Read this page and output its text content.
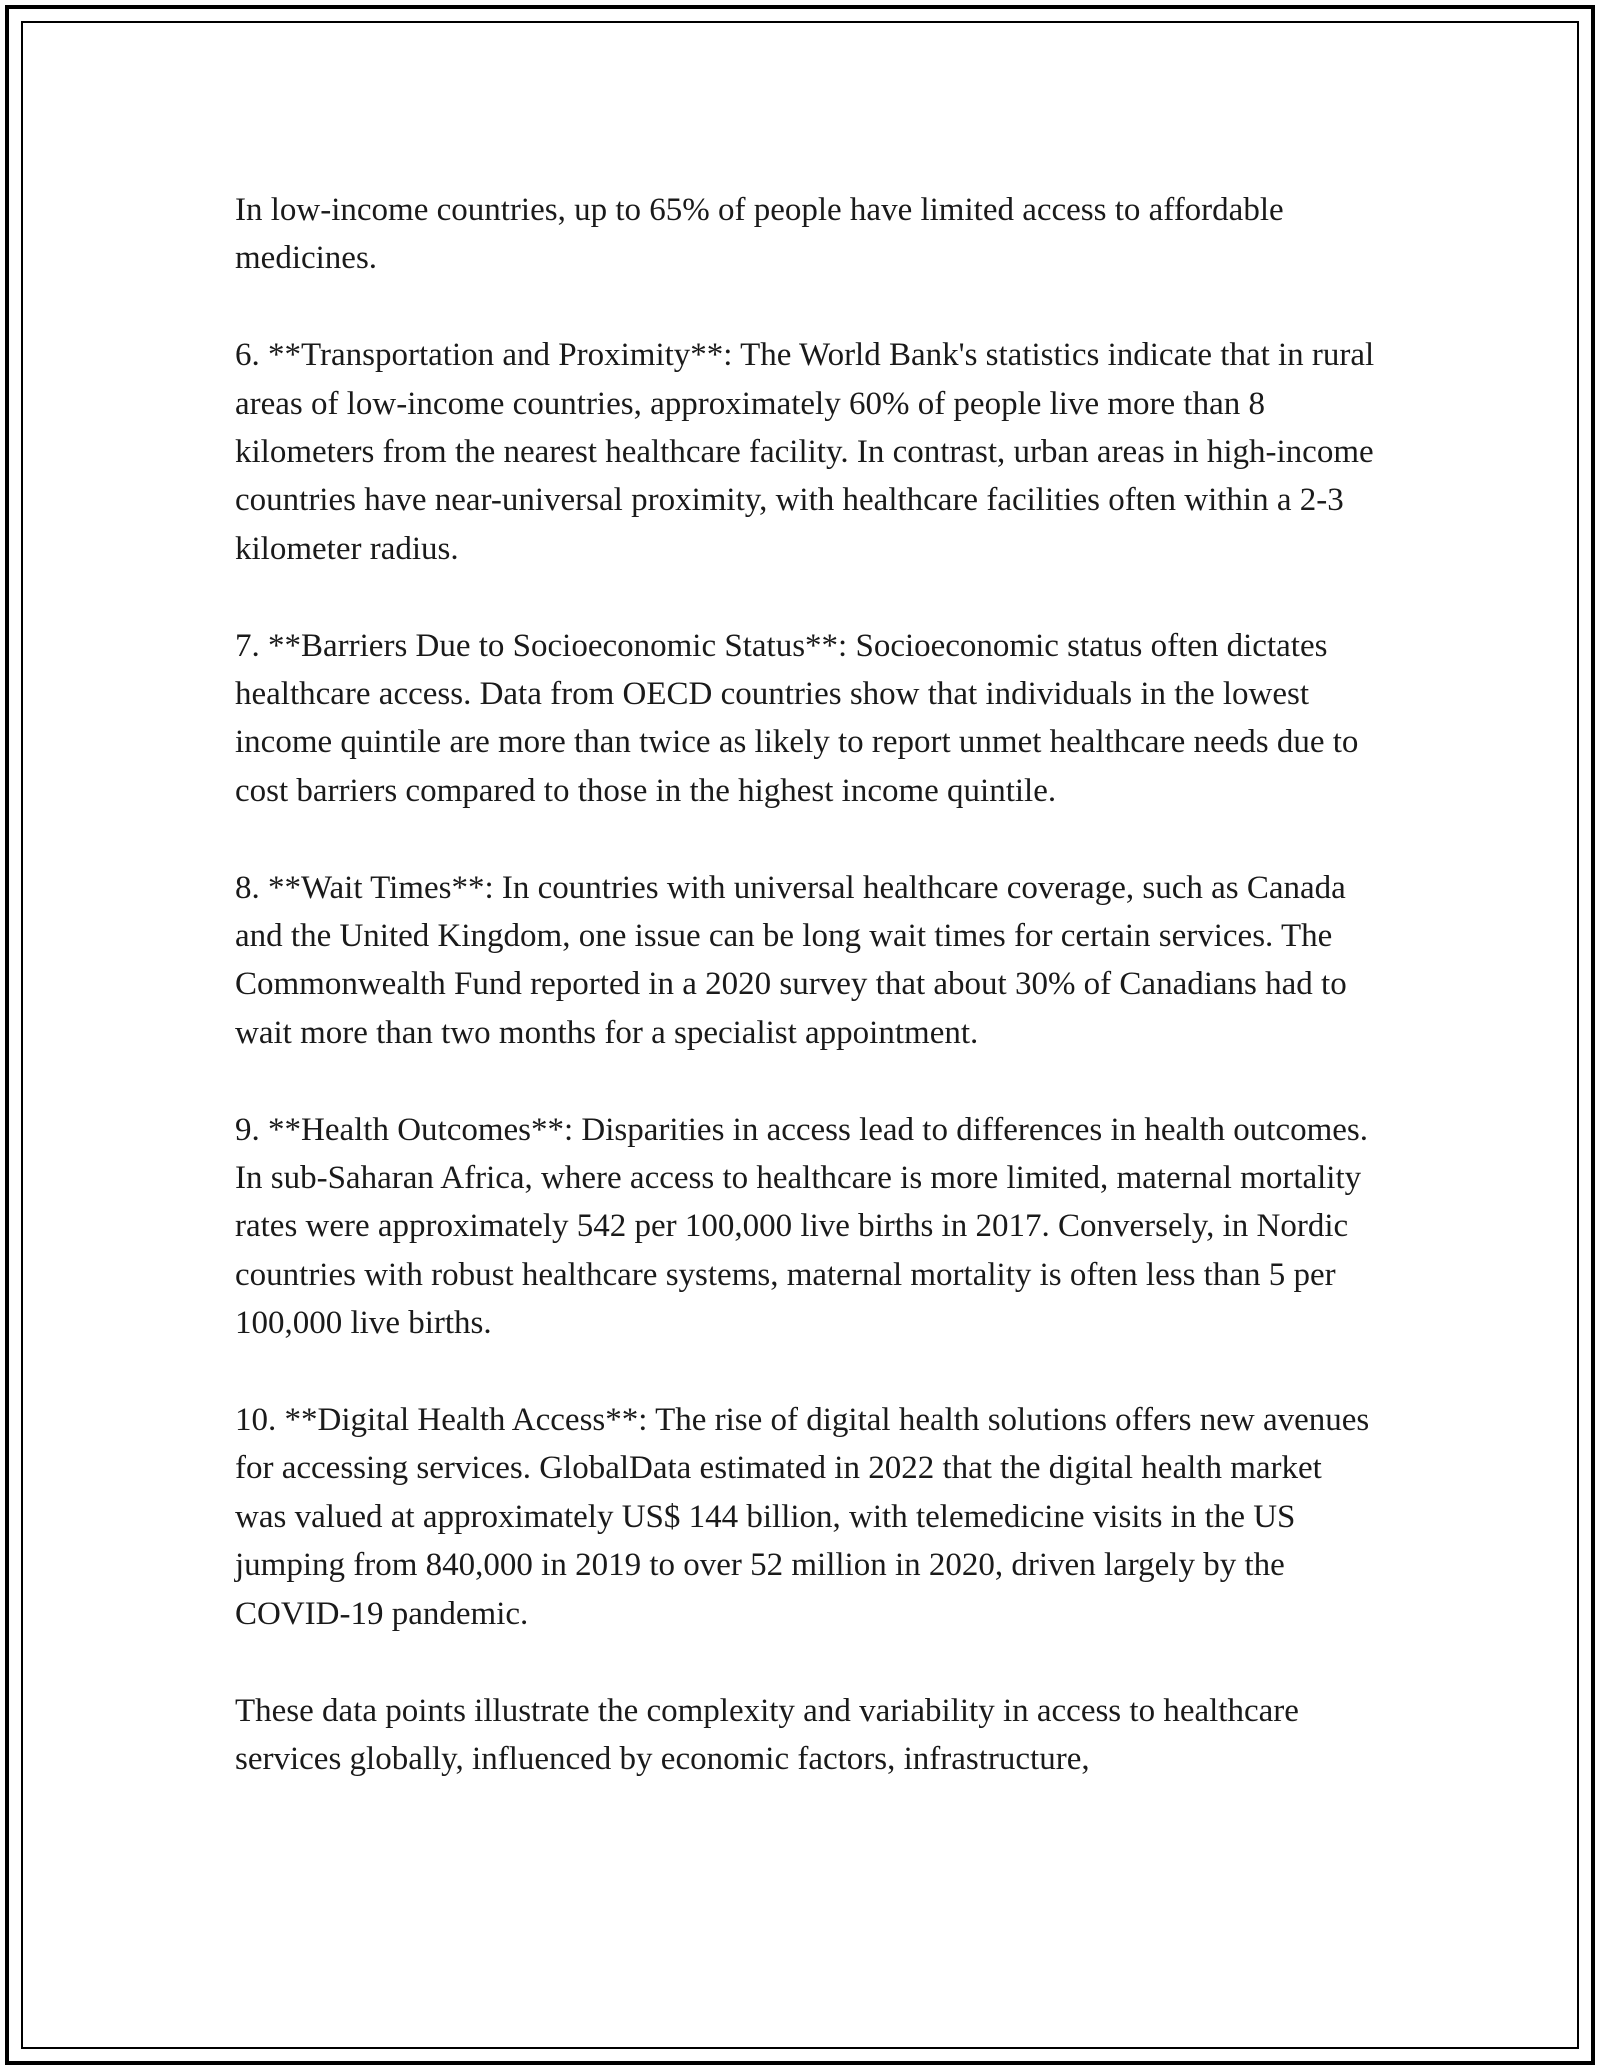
In low-income countries, up to 65% of people have limited access to affordable medicines.

6. **Transportation and Proximity**: The World Bank's statistics indicate that in rural areas of low-income countries, approximately 60% of people live more than 8 kilometers from the nearest healthcare facility. In contrast, urban areas in high-income countries have near-universal proximity, with healthcare facilities often within a 2-3 kilometer radius.

7. **Barriers Due to Socioeconomic Status**: Socioeconomic status often dictates healthcare access. Data from OECD countries show that individuals in the lowest income quintile are more than twice as likely to report unmet healthcare needs due to cost barriers compared to those in the highest income quintile.

8. **Wait Times**: In countries with universal healthcare coverage, such as Canada and the United Kingdom, one issue can be long wait times for certain services. The Commonwealth Fund reported in a 2020 survey that about 30% of Canadians had to wait more than two months for a specialist appointment.

9. **Health Outcomes**: Disparities in access lead to differences in health outcomes. In sub-Saharan Africa, where access to healthcare is more limited, maternal mortality rates were approximately 542 per 100,000 live births in 2017. Conversely, in Nordic countries with robust healthcare systems, maternal mortality is often less than 5 per 100,000 live births.

10. **Digital Health Access**: The rise of digital health solutions offers new avenues for accessing services. GlobalData estimated in 2022 that the digital health market was valued at approximately US$ 144 billion, with telemedicine visits in the US jumping from 840,000 in 2019 to over 52 million in 2020, driven largely by the COVID-19 pandemic.

These data points illustrate the complexity and variability in access to healthcare services globally, influenced by economic factors, infrastructure,
